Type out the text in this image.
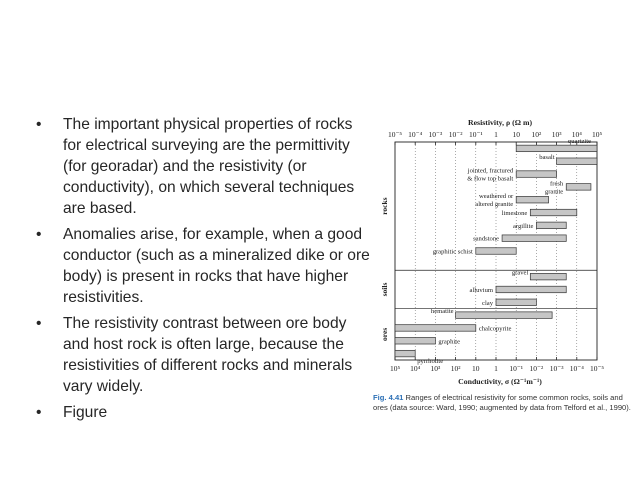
•	The important physical properties of rocks for electrical surveying are the permittivity (for georadar) and the resistivity (or conductivity), on which several techniques are based.
•	Anomalies arise, for example, when a good conductor (such as a mineralized dike or ore body) is present in rocks that have higher resistivities.
•	The resistivity contrast between ore body and host rock is often large, because the resistivities of different rocks and minerals vary widely.
•	Figure
10⁻⁵
10⁵
10⁻⁴
10⁴
10⁻³
10³
10⁻²
10²
10⁻¹
10
1
1
10
10⁻¹
10²
10⁻²
10³
10⁻³
10⁴
10⁻⁴
10⁵
10⁻⁵
Resistivity, ρ (Ω m)
Conductivity, σ (Ω⁻¹m⁻¹)
rocks
soils
ores
quartzite
basalt
jointed, fractured & flow top basalt
fresh granite
weathered or altered granite
limestone
argillite
sandstone
graphitic schist
gravel
alluvium
clay
hematite
chalcopyrite
graphite
pyrrhotite
Fig. 4.41 Ranges of electrical resistivity for some common rocks, soils and ores (data source: Ward, 1990; augmented by data from Telford et al., 1990).
